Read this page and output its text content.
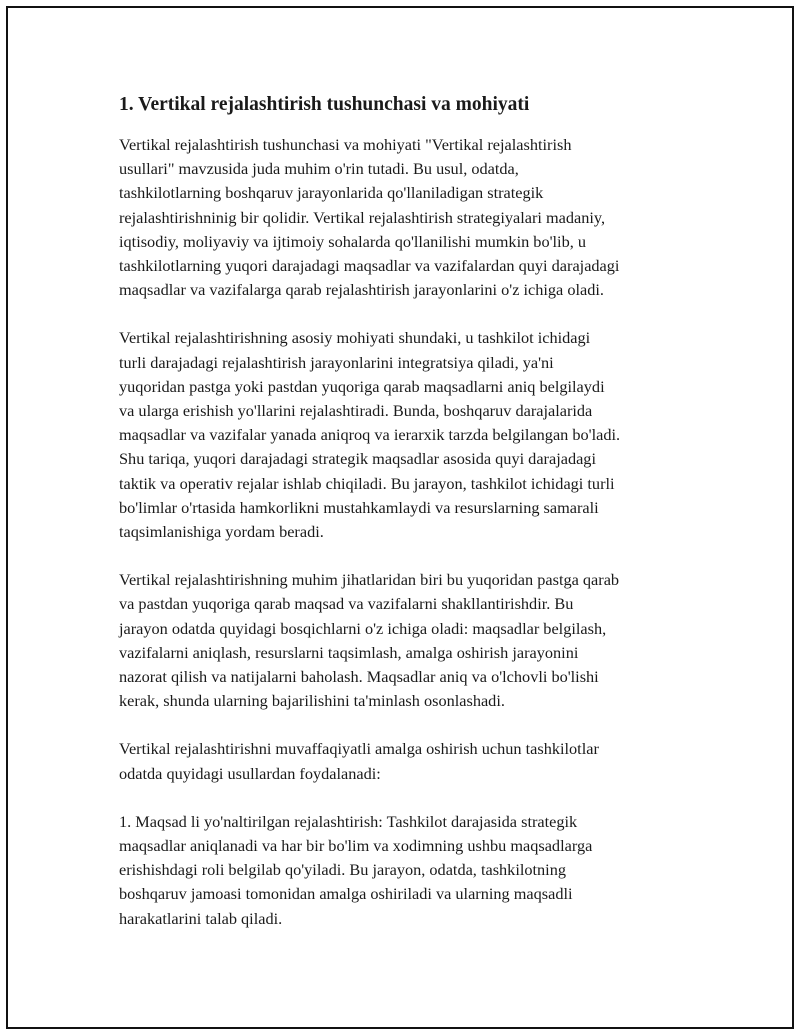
1. Vertikal rejalashtirish tushunchasi va mohiyati

Vertikal rejalashtirish tushunchasi va mohiyati "Vertikal rejalashtirish
usullari" mavzusida juda muhim o'rin tutadi. Bu usul, odatda,
tashkilotlarning boshqaruv jarayonlarida qo'llaniladigan strategik
rejalashtirishninig bir qolidir. Vertikal rejalashtirish strategiyalari madaniy,
iqtisodiy, moliyaviy va ijtimoiy sohalarda qo'llanilishi mumkin bo'lib, u
tashkilotlarning yuqori darajadagi maqsadlar va vazifalardan quyi darajadagi
maqsadlar va vazifalarga qarab rejalashtirish jarayonlarini o'z ichiga oladi.

Vertikal rejalashtirishning asosiy mohiyati shundaki, u tashkilot ichidagi
turli darajadagi rejalashtirish jarayonlarini integratsiya qiladi, ya'ni
yuqoridan pastga yoki pastdan yuqoriga qarab maqsadlarni aniq belgilaydi
va ularga erishish yo'llarini rejalashtiradi. Bunda, boshqaruv darajalarida
maqsadlar va vazifalar yanada aniqroq va ierarxik tarzda belgilangan bo'ladi.
Shu tariqa, yuqori darajadagi strategik maqsadlar asosida quyi darajadagi
taktik va operativ rejalar ishlab chiqiladi. Bu jarayon, tashkilot ichidagi turli
bo'limlar o'rtasida hamkorlikni mustahkamlaydi va resurslarning samarali
taqsimlanishiga yordam beradi.

Vertikal rejalashtirishning muhim jihatlaridan biri bu yuqoridan pastga qarab
va pastdan yuqoriga qarab maqsad va vazifalarni shakllantirishdir. Bu
jarayon odatda quyidagi bosqichlarni o'z ichiga oladi: maqsadlar belgilash,
vazifalarni aniqlash, resurslarni taqsimlash, amalga oshirish jarayonini
nazorat qilish va natijalarni baholash. Maqsadlar aniq va o'lchovli bo'lishi
kerak, shunda ularning bajarilishini ta'minlash osonlashadi.

Vertikal rejalashtirishni muvaffaqiyatli amalga oshirish uchun tashkilotlar
odatda quyidagi usullardan foydalanadi:

1. Maqsad li yo'naltirilgan rejalashtirish: Tashkilot darajasida strategik
maqsadlar aniqlanadi va har bir bo'lim va xodimning ushbu maqsadlarga
erishishdagi roli belgilab qo'yiladi. Bu jarayon, odatda, tashkilotning
boshqaruv jamoasi tomonidan amalga oshiriladi va ularning maqsadli
harakatlarini talab qiladi.
